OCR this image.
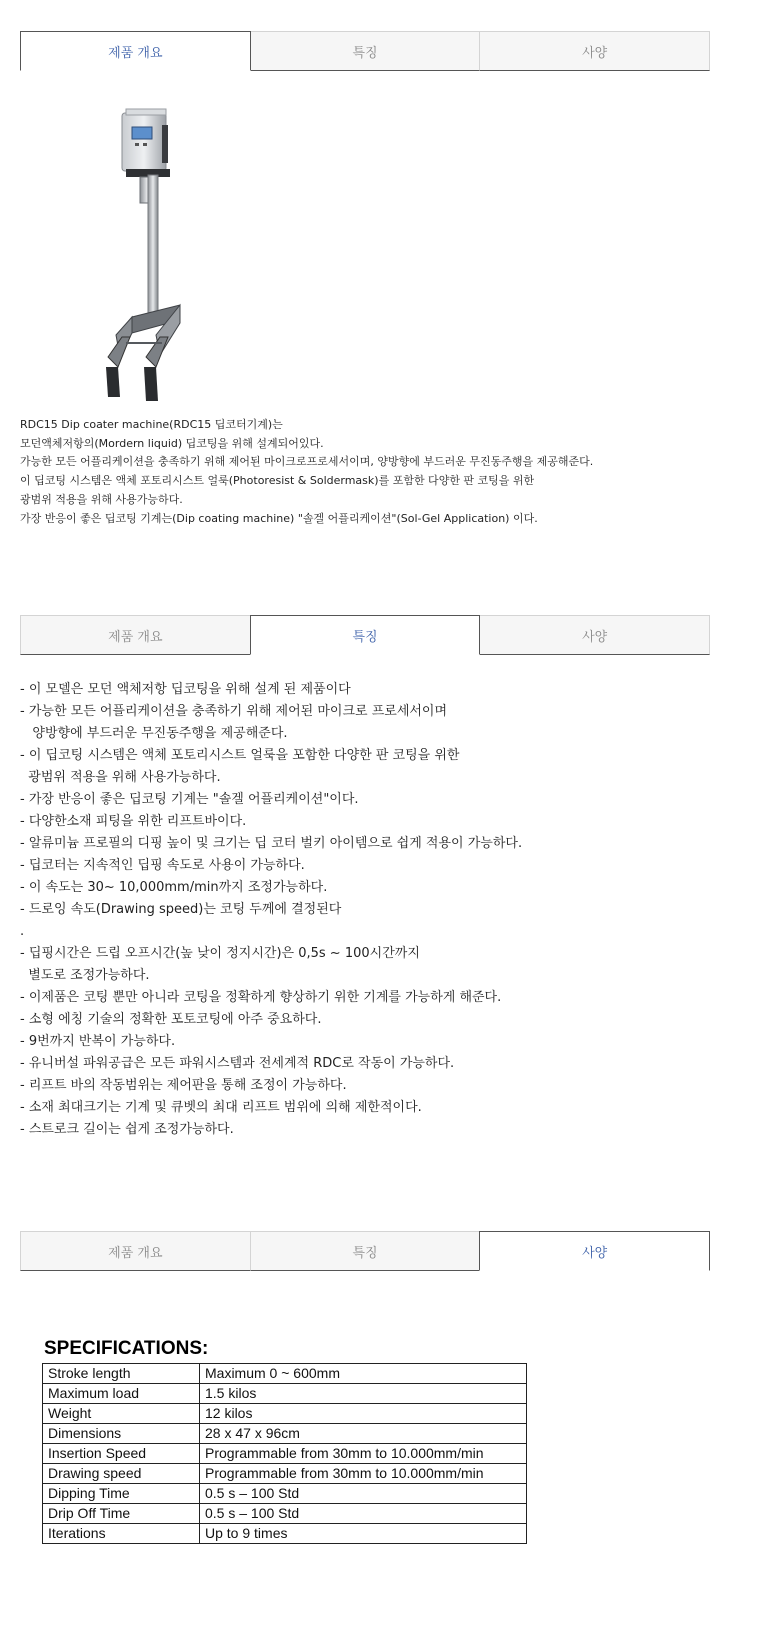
제품 개요	특징	사양
RDC15 Dip coater machine(RDC15 딥코터기계)는
모던액체저항의(Mordern liquid) 딥코팅을 위해 설계되어있다.
가능한 모든 어플리케이션을 충족하기 위해 제어된 마이크로프로세서이며, 양방향에 부드러운 무진동주행을 제공해준다.
이 딥코팅 시스템은 액체 포토리시스트 얼룩(Photoresist & Soldermask)를 포함한 다양한 판 코팅을 위한
광범위 적용을 위해 사용가능하다.
가장 반응이 좋은 딥코팅 기계는(Dip coating machine) "솔겔 어플리케이션"(Sol-Gel Application) 이다.
제품 개요	특징	사양
- 이 모델은 모던 액체저항 딥코팅을 위해 설계 된 제품이다
- 가능한 모든 어플리케이션을 충족하기 위해 제어된 마이크로 프로세서이며
양방향에 부드러운 무진동주행을 제공해준다.
- 이 딥코팅 시스템은 액체 포토리시스트 얼룩을 포함한 다양한 판 코팅을 위한
광범위 적용을 위해 사용가능하다.
- 가장 반응이 좋은 딥코팅 기계는 "솔겔 어플리케이션"이다.
- 다양한소재 피팅을 위한 리프트바이다.
- 알류미늄 프로필의 디핑 높이 및 크기는 딥 코터 벌키 아이템으로 쉽게 적용이 가능하다.
- 딥코터는 지속적인 딥핑 속도로 사용이 가능하다.
- 이 속도는 30~ 10,000mm/min까지 조정가능하다.
- 드로잉 속도(Drawing speed)는 코팅 두께에 결정된다
.
- 딥핑시간은 드립 오프시간(높 낮이 정지시간)은 0,5s ~ 100시간까지
별도로 조정가능하다.
- 이제품은 코팅 뿐만 아니라 코팅을 정확하게 향상하기 위한 기계를 가능하게 해준다.
- 소형 에칭 기술의 정확한 포토코팅에 아주 중요하다.
- 9번까지 반복이 가능하다.
- 유니버설 파워공급은 모든 파워시스템과 전세계적 RDC로 작동이 가능하다.
- 리프트 바의 작동범위는 제어판을 통해 조정이 가능하다.
- 소재 최대크기는 기계 및 큐벳의 최대 리프트 범위에 의해 제한적이다.
- 스트로크 길이는 쉽게 조정가능하다.
제품 개요	특징	사양
SPECIFICATIONS:
Stroke length	Maximum 0 ~ 600mm
Maximum load	1.5 kilos
Weight	12 kilos
Dimensions	28 x 47 x 96cm
Insertion Speed	Programmable from 30mm to 10.000mm/min
Drawing speed	Programmable from 30mm to 10.000mm/min
Dipping Time	0.5 s – 100 Std
Drip Off Time	0.5 s – 100 Std
Iterations	Up to 9 times
